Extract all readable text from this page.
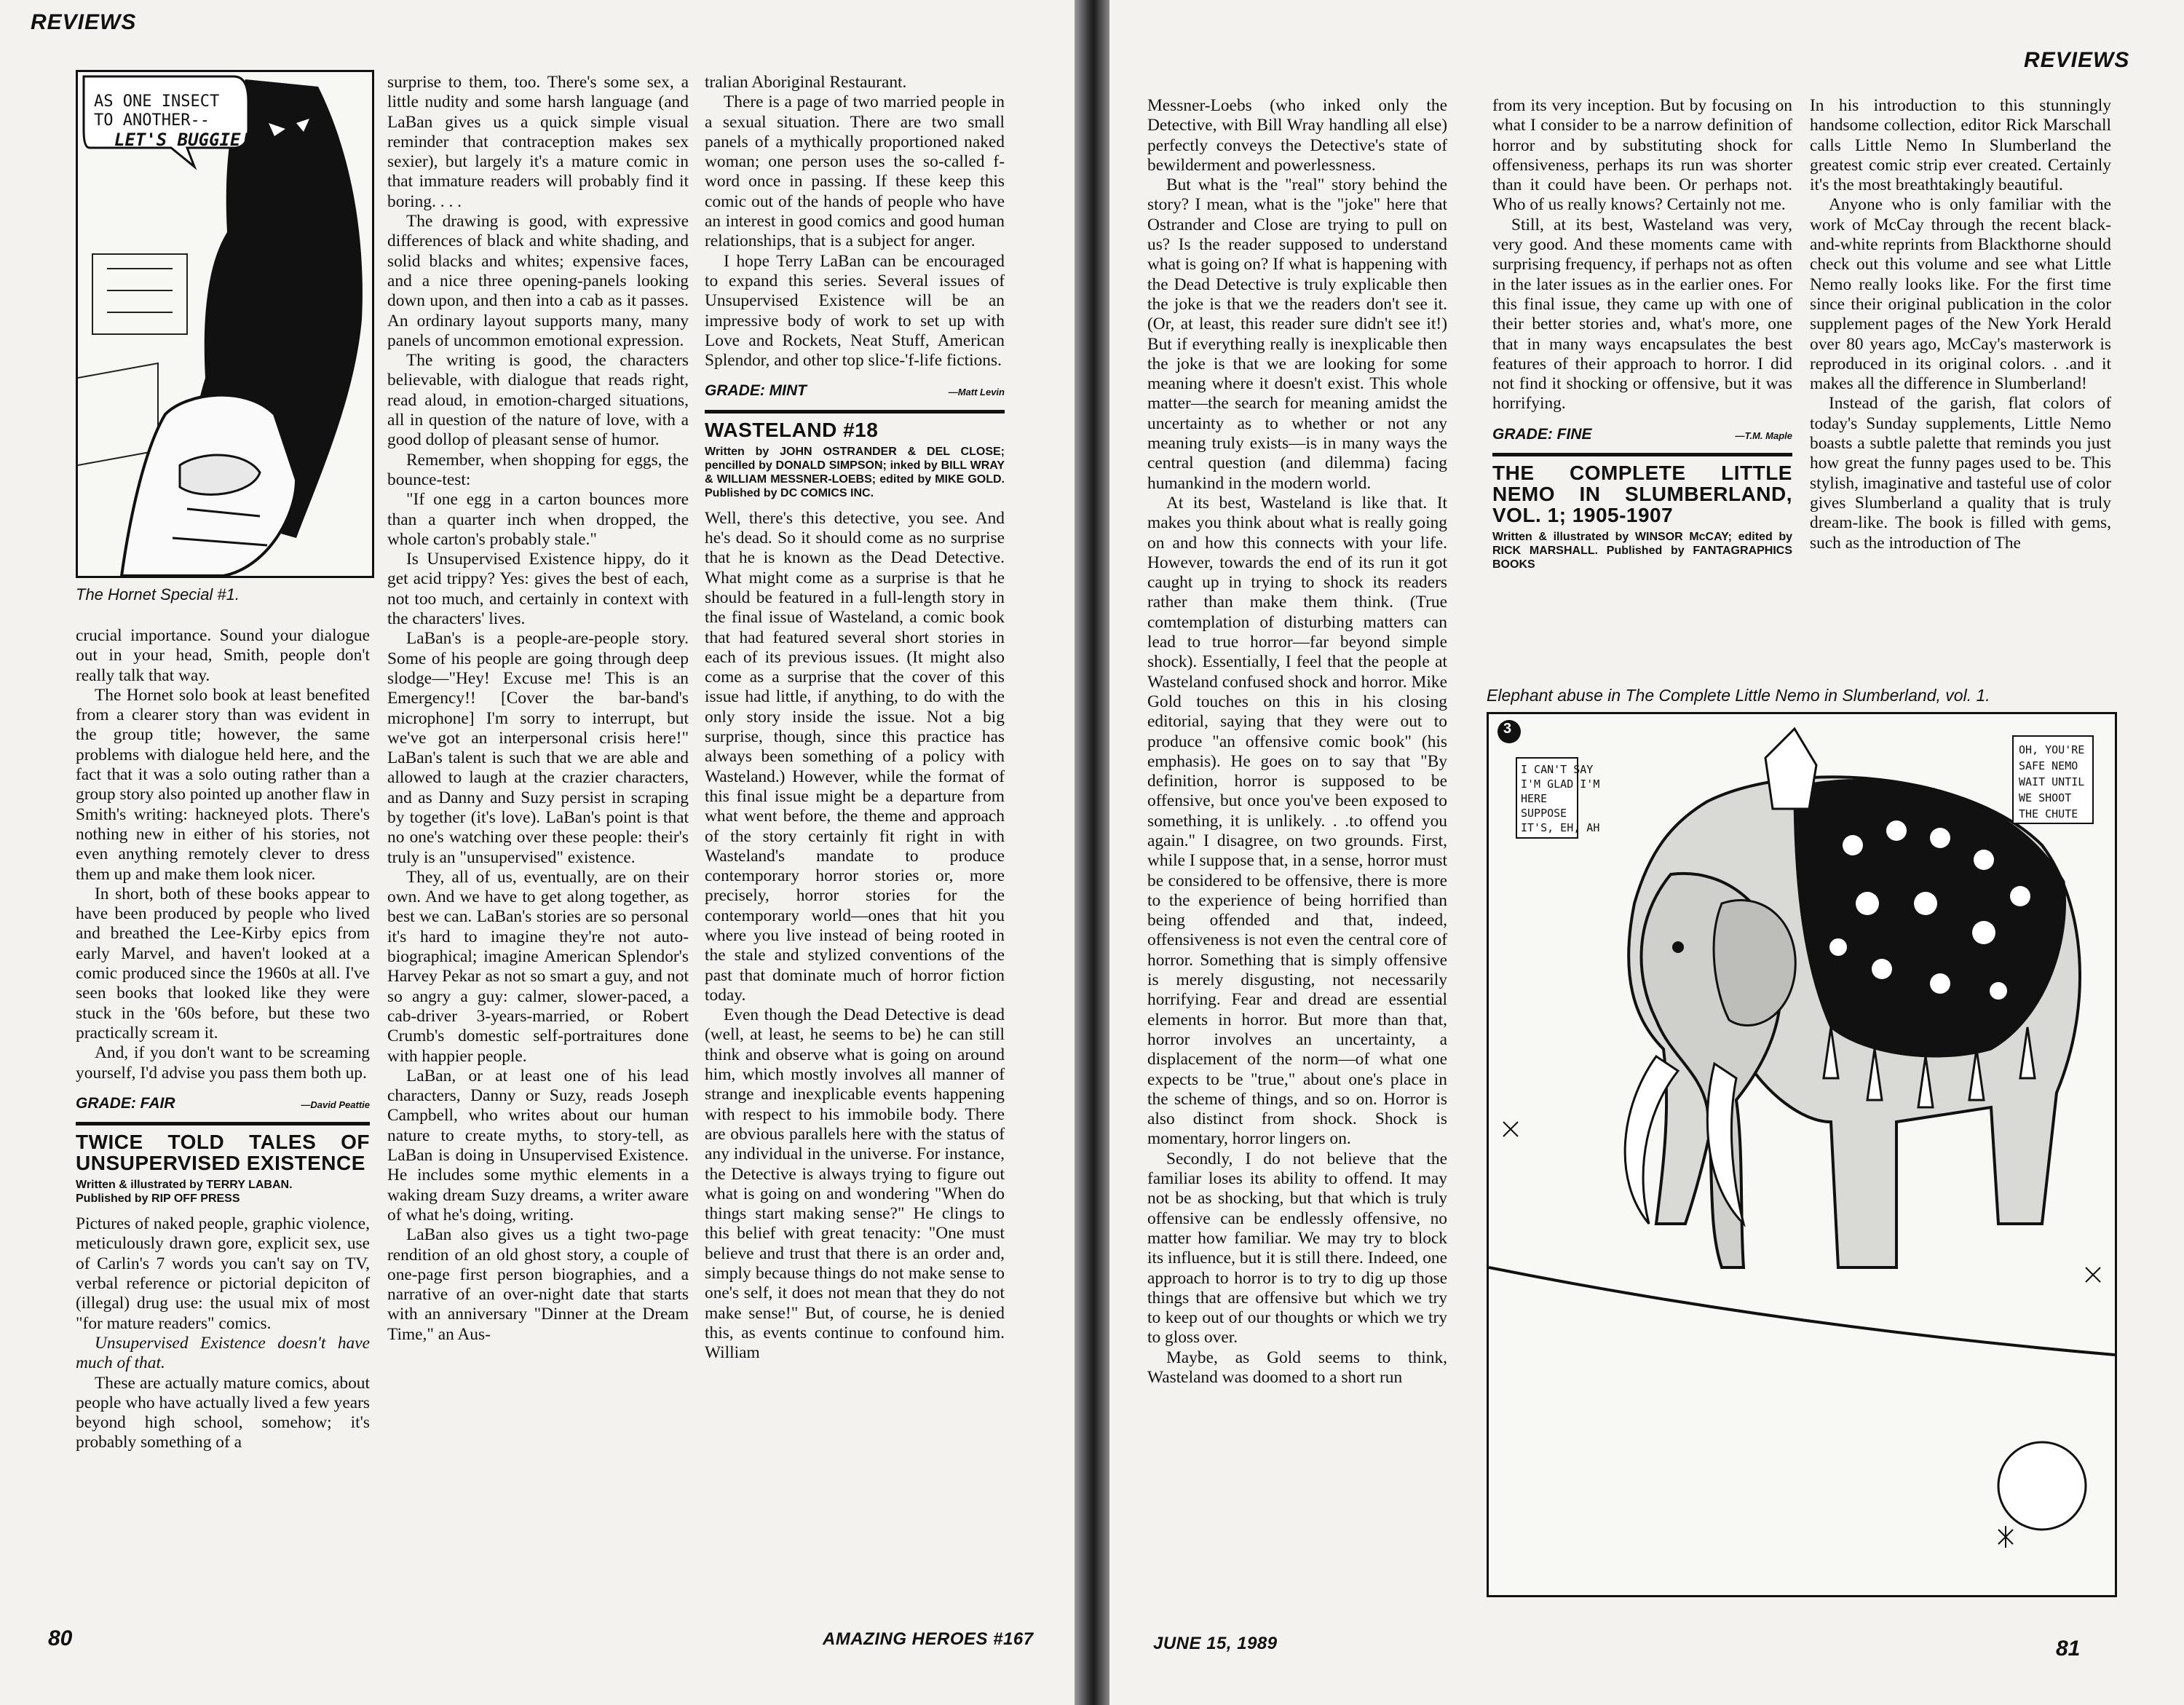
REVIEWS
AS ONE INSECT
TO ANOTHER--
LET'S BUGGIE!
The Hornet Special #1.

crucial importance. Sound your dialogue out in your head, Smith, people don't really talk that way.

The Hornet solo book at least benefited from a clearer story than was evident in the group title; however, the same problems with dialogue held here, and the fact that it was a solo outing rather than a group story also pointed up another flaw in Smith's writing: hackneyed plots. There's nothing new in either of his stories, not even anything remotely clever to dress them up and make them look nicer.

In short, both of these books appear to have been produced by people who lived and breathed the Lee-Kirby epics from early Marvel, and haven't looked at a comic produced since the 1960s at all. I've seen books that looked like they were stuck in the '60s before, but these two practically scream it.

And, if you don't want to be screaming yourself, I'd advise you pass them both up.

GRADE: FAIR	—David Peattie
TWICE TOLD TALES OF UNSUPERVISED EXISTENCE
Written & illustrated by TERRY LABAN.
Published by RIP OFF PRESS

Pictures of naked people, graphic violence, meticulously drawn gore, explicit sex, use of Carlin's 7 words you can't say on TV, verbal reference or pictorial depiciton of (illegal) drug use: the usual mix of most "for mature readers" comics.

Unsupervised Existence doesn't have much of that.

These are actually mature comics, about people who have actually lived a few years beyond high school, somehow; it's probably something of a

surprise to them, too. There's some sex, a little nudity and some harsh language (and LaBan gives us a quick simple visual reminder that contraception makes sex sexier), but largely it's a mature comic in that immature readers will probably find it boring. . . .

The drawing is good, with expressive differences of black and white shading, and solid blacks and whites; expensive faces, and a nice three opening-panels looking down upon, and then into a cab as it passes. An ordinary layout supports many, many panels of uncommon emotional expression.

The writing is good, the characters believable, with dialogue that reads right, read aloud, in emotion-charged situations, all in question of the nature of love, with a good dollop of pleasant sense of humor.

Remember, when shopping for eggs, the bounce-test:

"If one egg in a carton bounces more than a quarter inch when dropped, the whole carton's probably stale."

Is Unsupervised Existence hippy, do it get acid trippy? Yes: gives the best of each, not too much, and certainly in context with the characters' lives.

LaBan's is a people-are-people story. Some of his people are going through deep slodge—"Hey! Excuse me! This is an Emergency!! [Cover the bar-band's microphone] I'm sorry to interrupt, but we've got an interpersonal crisis here!" LaBan's talent is such that we are able and allowed to laugh at the crazier characters, and as Danny and Suzy persist in scraping by together (it's love). LaBan's point is that no one's watching over these people: their's truly is an "unsupervised" existence.

They, all of us, eventually, are on their own. And we have to get along together, as best we can. LaBan's stories are so personal it's hard to imagine they're not auto-biographical; imagine American Splendor's Harvey Pekar as not so smart a guy, and not so angry a guy: calmer, slower-paced, a cab-driver 3-years-married, or Robert Crumb's domestic self-portraitures done with happier people.

LaBan, or at least one of his lead characters, Danny or Suzy, reads Joseph Campbell, who writes about our human nature to create myths, to story-tell, as LaBan is doing in Unsupervised Existence. He includes some mythic elements in a waking dream Suzy dreams, a writer aware of what he's doing, writing.

LaBan also gives us a tight two-page rendition of an old ghost story, a couple of one-page first person biographies, and a narrative of an over-night date that starts with an anniversary "Dinner at the Dream Time," an Aus-

tralian Aboriginal Restaurant.

There is a page of two married people in a sexual situation. There are two small panels of a mythically proportioned naked woman; one person uses the so-called f-word once in passing. If these keep this comic out of the hands of people who have an interest in good comics and good human relationships, that is a subject for anger.

I hope Terry LaBan can be encouraged to expand this series. Several issues of Unsupervised Existence will be an impressive body of work to set up with Love and Rockets, Neat Stuff, American Splendor, and other top slice-'f-life fictions.

GRADE: MINT	—Matt Levin
WASTELAND #18
Written by JOHN OSTRANDER & DEL CLOSE; pencilled by DONALD SIMPSON; inked by BILL WRAY & WILLIAM MESSNER-LOEBS; edited by MIKE GOLD. Published by DC COMICS INC.

Well, there's this detective, you see. And he's dead. So it should come as no surprise that he is known as the Dead Detective. What might come as a surprise is that he should be featured in a full-length story in the final issue of Wasteland, a comic book that had featured several short stories in each of its previous issues. (It might also come as a surprise that the cover of this issue had little, if anything, to do with the only story inside the issue. Not a big surprise, though, since this practice has always been something of a policy with Wasteland.) However, while the format of this final issue might be a departure from what went before, the theme and approach of the story certainly fit right in with Wasteland's mandate to produce contemporary horror stories or, more precisely, horror stories for the contemporary world—ones that hit you where you live instead of being rooted in the stale and stylized conventions of the past that dominate much of horror fiction today.

Even though the Dead Detective is dead (well, at least, he seems to be) he can still think and observe what is going on around him, which mostly involves all manner of strange and inexplicable events happening with respect to his immobile body. There are obvious parallels here with the status of any individual in the universe. For instance, the Detective is always trying to figure out what is going on and wondering "When do things start making sense?" He clings to this belief with great tenacity: "One must believe and trust that there is an order and, simply because things do not make sense to one's self, it does not mean that they do not make sense!" But, of course, he is denied this, as events continue to confound him. William

80	AMAZING HEROES #167
REVIEWS

Messner-Loebs (who inked only the Detective, with Bill Wray handling all else) perfectly conveys the Detective's state of bewilderment and powerlessness.

But what is the "real" story behind the story? I mean, what is the "joke" here that Ostrander and Close are trying to pull on us? Is the reader supposed to understand what is going on? If what is happening with the Dead Detective is truly explicable then the joke is that we the readers don't see it. (Or, at least, this reader sure didn't see it!) But if everything really is inexplicable then the joke is that we are looking for some meaning where it doesn't exist. This whole matter—the search for meaning amidst the uncertainty as to whether or not any meaning truly exists—is in many ways the central question (and dilemma) facing humankind in the modern world.

At its best, Wasteland is like that. It makes you think about what is really going on and how this connects with your life. However, towards the end of its run it got caught up in trying to shock its readers rather than make them think. (True comtemplation of disturbing matters can lead to true horror—far beyond simple shock). Essentially, I feel that the people at Wasteland confused shock and horror. Mike Gold touches on this in his closing editorial, saying that they were out to produce "an offensive comic book" (his emphasis). He goes on to say that "By definition, horror is supposed to be offensive, but once you've been exposed to something, it is unlikely. . .to offend you again." I disagree, on two grounds. First, while I suppose that, in a sense, horror must be considered to be offensive, there is more to the experience of being horrified than being offended and that, indeed, offensiveness is not even the central core of horror. Something that is simply offensive is merely disgusting, not necessarily horrifying. Fear and dread are essential elements in horror. But more than that, horror involves an uncertainty, a displacement of the norm—of what one expects to be "true," about one's place in the scheme of things, and so on. Horror is also distinct from shock. Shock is momentary, horror lingers on.

Secondly, I do not believe that the familiar loses its ability to offend. It may not be as shocking, but that which is truly offensive can be endlessly offensive, no matter how familiar. We may try to block its influence, but it is still there. Indeed, one approach to horror is to try to dig up those things that are offensive but which we try to keep out of our thoughts or which we try to gloss over.

Maybe, as Gold seems to think, Wasteland was doomed to a short run

from its very inception. But by focusing on what I consider to be a narrow definition of horror and by substituting shock for offensiveness, perhaps its run was shorter than it could have been. Or perhaps not. Who of us really knows? Certainly not me.

Still, at its best, Wasteland was very, very good. And these moments came with surprising frequency, if perhaps not as often in the later issues as in the earlier ones. For this final issue, they came up with one of their better stories and, what's more, one that in many ways encapsulates the best features of their approach to horror. I did not find it shocking or offensive, but it was horrifying.

GRADE: FINE	—T.M. Maple
THE COMPLETE LITTLE NEMO IN SLUMBERLAND, VOL. 1; 1905-1907
Written & illustrated by WINSOR McCAY; edited by RICK MARSHALL. Published by FANTAGRAPHICS BOOKS

In his introduction to this stunningly handsome collection, editor Rick Marschall calls Little Nemo In Slumberland the greatest comic strip ever created. Certainly it's the most breathtakingly beautiful.

Anyone who is only familiar with the work of McCay through the recent black-and-white reprints from Blackthorne should check out this volume and see what Little Nemo really looks like. For the first time since their original publication in the color supplement pages of the New York Herald over 80 years ago, McCay's masterwork is reproduced in its original colors. . .and it makes all the difference in Slumberland!

Instead of the garish, flat colors of today's Sunday supplements, Little Nemo boasts a subtle palette that reminds you just how great the funny pages used to be. This stylish, imaginative and tasteful use of color gives Slumberland a quality that is truly dream-like. The book is filled with gems, such as the introduction of The

Elephant abuse in The Complete Little Nemo in Slumberland, vol. 1.
3
I CAN'T SAY
I'M GLAD I'M
HERE
SUPPOSE
IT'S, EH, AH
OH, YOU'RE
SAFE NEMO
WAIT UNTIL
WE SHOOT
THE CHUTE
JUNE 15, 1989	81
